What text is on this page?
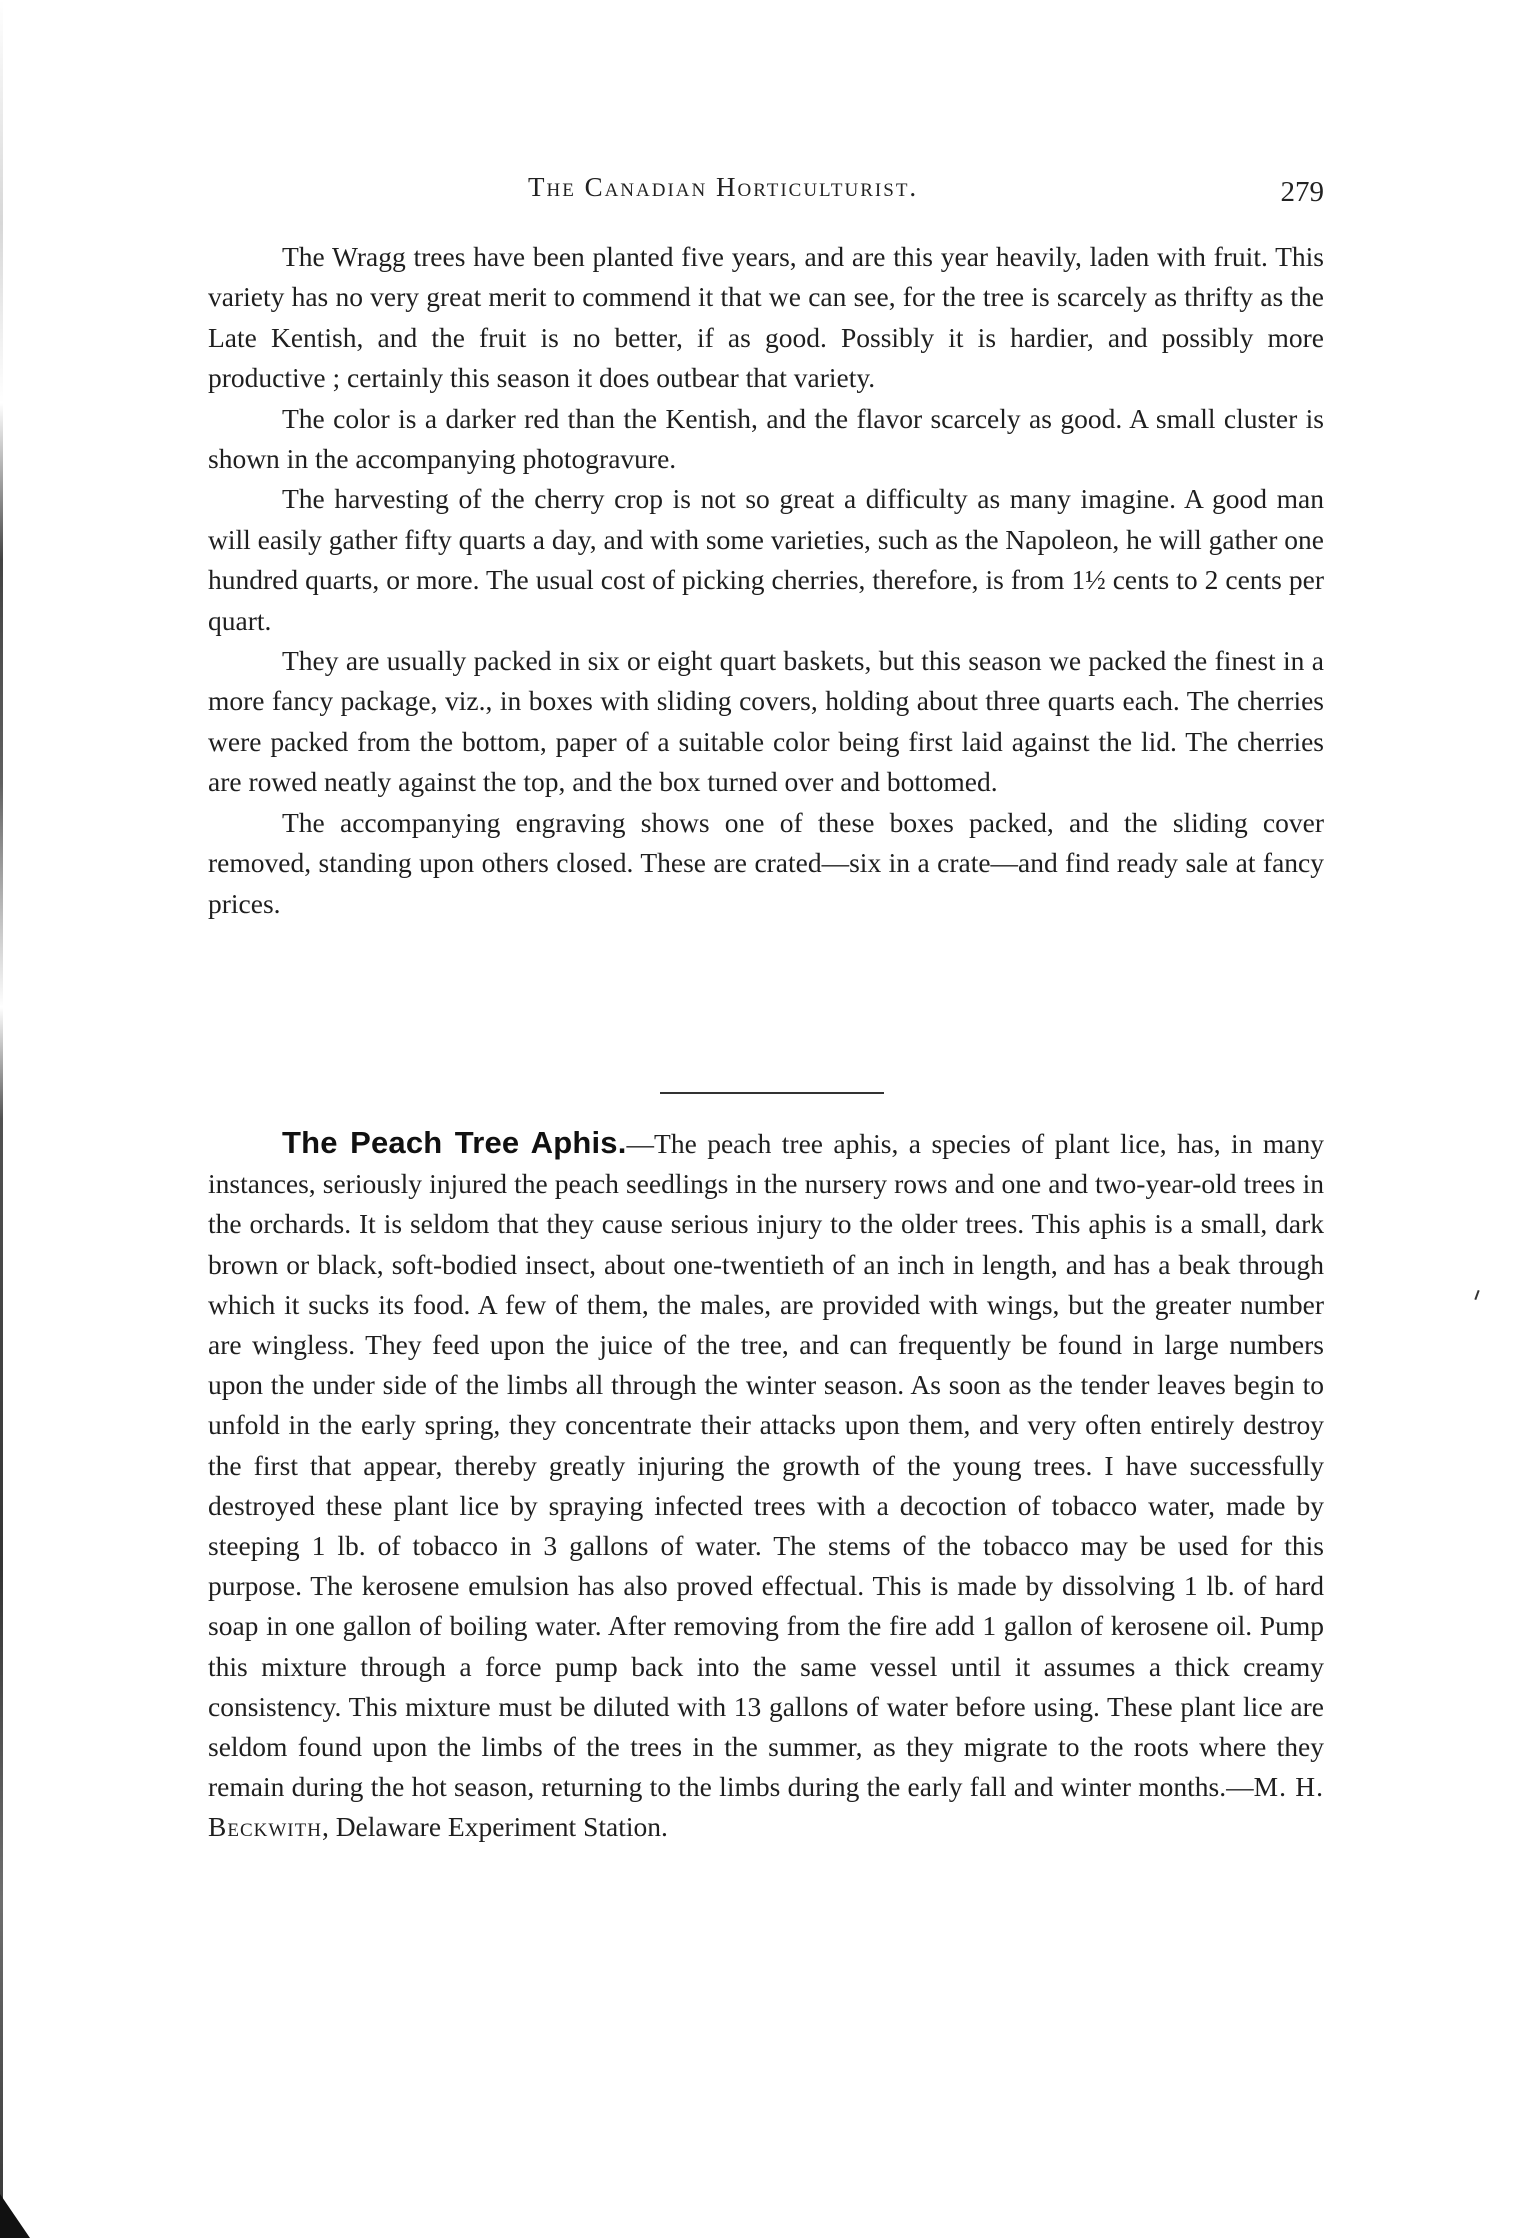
The Canadian Horticulturist.	279

The Wragg trees have been planted five years, and are this year heavily, laden with fruit. This variety has no very great merit to commend it that we can see, for the tree is scarcely as thrifty as the Late Kentish, and the fruit is no better, if as good. Possibly it is hardier, and possibly more productive ; certainly this season it does outbear that variety.

The color is a darker red than the Kentish, and the flavor scarcely as good. A small cluster is shown in the accompanying photogravure.

The harvesting of the cherry crop is not so great a difficulty as many imagine. A good man will easily gather fifty quarts a day, and with some varieties, such as the Napoleon, he will gather one hundred quarts, or more. The usual cost of picking cherries, therefore, is from 1½ cents to 2 cents per quart.

They are usually packed in six or eight quart baskets, but this season we packed the finest in a more fancy package, viz., in boxes with sliding covers, holding about three quarts each. The cherries were packed from the bottom, paper of a suitable color being first laid against the lid. The cherries are rowed neatly against the top, and the box turned over and bottomed.

The accompanying engraving shows one of these boxes packed, and the sliding cover removed, standing upon others closed. These are crated—six in a crate—and find ready sale at fancy prices.

The Peach Tree Aphis.—The peach tree aphis, a species of plant lice, has, in many instances, seriously injured the peach seedlings in the nursery rows and one and two-year-old trees in the orchards. It is seldom that they cause serious injury to the older trees. This aphis is a small, dark brown or black, soft-bodied insect, about one-twentieth of an inch in length, and has a beak through which it sucks its food. A few of them, the males, are provided with wings, but the greater number are wingless. They feed upon the juice of the tree, and can frequently be found in large numbers upon the under side of the limbs all through the winter season. As soon as the tender leaves begin to unfold in the early spring, they concentrate their attacks upon them, and very often entirely destroy the first that appear, thereby greatly injuring the growth of the young trees. I have successfully destroyed these plant lice by spraying infected trees with a decoction of tobacco water, made by steeping 1 lb. of tobacco in 3 gallons of water. The stems of the tobacco may be used for this purpose. The kerosene emulsion has also proved effectual. This is made by dissolving 1 lb. of hard soap in one gallon of boiling water. After removing from the fire add 1 gallon of kerosene oil. Pump this mixture through a force pump back into the same vessel until it assumes a thick creamy consistency. This mixture must be diluted with 13 gallons of water before using. These plant lice are seldom found upon the limbs of the trees in the summer, as they migrate to the roots where they remain during the hot season, returning to the limbs during the early fall and winter months.—M. H. Beckwith, Delaware Experiment Station.
